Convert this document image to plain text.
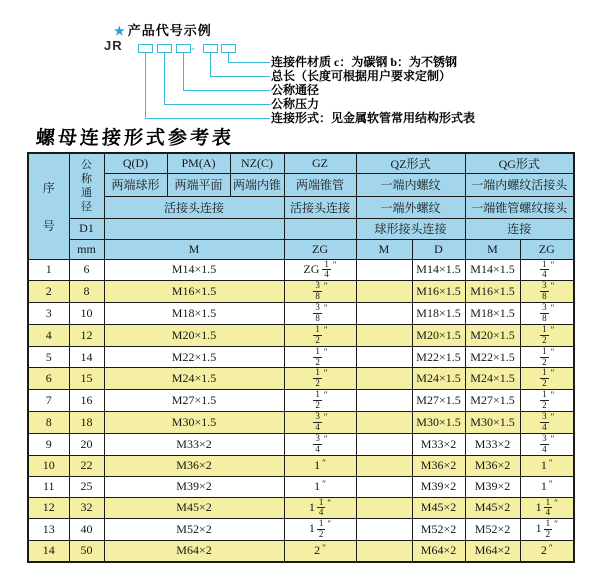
★ 产品代号示例
JR	-
连接件材质 c：为碳钢 b：为不锈钢
总长（长度可根据用户要求定制）
公称通径
公称压力
连接形式：见金属软管常用结构形式表
螺母连接形式参考表
序
号	公
称
通
径	Q(D)	PM(A)	NZ(C)	GZ	QZ形式		QG形式	
		两端球形	两端平面	两端内锥	两端锥管	一端内螺纹		一端内螺纹活接头	
		活接头连接			活接头连接	一端外螺纹		一端锥管螺纹接头	
	D1					球形接头连接		连接	
	mm	M			ZG	M	D	M	ZG
1	6	M14×1.5			ZG $\frac{1}{4} ''$		M14×1.5	M14×1.5	$\frac{1}{4} ''$
2	8	M16×1.5			$\frac{3}{8} ''$		M16×1.5	M16×1.5	$\frac{3}{8} ''$
3	10	M18×1.5			$\frac{3}{8} ''$		M18×1.5	M18×1.5	$\frac{3}{8} ''$
4	12	M20×1.5			$\frac{1}{2} ''$		M20×1.5	M20×1.5	$\frac{1}{2} ''$
5	14	M22×1.5			$\frac{1}{2} ''$		M22×1.5	M22×1.5	$\frac{1}{2} ''$
6	15	M24×1.5			$\frac{1}{2} ''$		M24×1.5	M24×1.5	$\frac{1}{2} ''$
7	16	M27×1.5			$\frac{1}{2} ''$		M27×1.5	M27×1.5	$\frac{1}{2} ''$
8	18	M30×1.5			$\frac{3}{4} ''$		M30×1.5	M30×1.5	$\frac{3}{4} ''$
9	20	M33×2			$\frac{3}{4} ''$		M33×2	M33×2	$\frac{3}{4} ''$
10	22	M36×2			1 ″		M36×2	M36×2	1 ″
11	25	M39×2			1 ″		M39×2	M39×2	1 ″
12	32	M45×2			$1 \frac{1}{4} ''$		M45×2	M45×2	$1 \frac{1}{4} ''$
13	40	M52×2			$1 \frac{1}{2} ''$		M52×2	M52×2	$1 \frac{1}{2} ''$
14	50	M64×2			2 ″		M64×2	M64×2	2 ″
